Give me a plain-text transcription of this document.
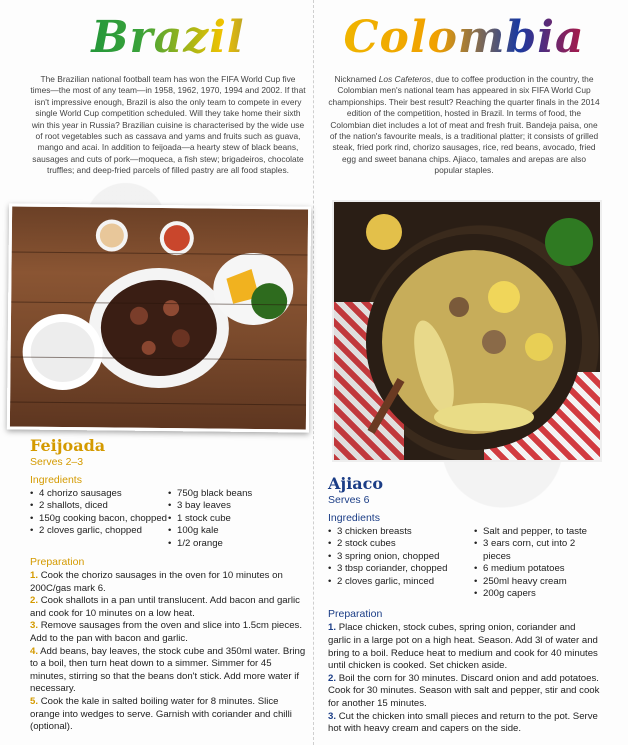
Brazil

The Brazilian national football team has won the FIFA World Cup five times—the most of any team—in 1958, 1962, 1970, 1994 and 2002. If that isn't impressive enough, Brazil is also the only team to compete in every single World Cup competition scheduled. Will they take home their sixth win this year in Russia? Brazilian cuisine is characterised by the wide use of root vegetables such as cassava and yams and fruits such as guava, mango and acai. In addition to feijoada—a hearty stew of black beans, sausages and cuts of pork—moqueca, a fish stew; brigadeiros, chocolate truffles; and deep-fried parcels of filled pastry are all food staples.

Feijoada

Serves 2–3

Ingredients

• 4 chorizo sausages
• 2 shallots, diced
• 150g cooking bacon, chopped
• 2 cloves garlic, chopped
• 750g black beans
• 3 bay leaves
• 1 stock cube
• 100g kale
• 1/2 orange

Preparation

1. Cook the chorizo sausages in the oven for 10 minutes on 200C/gas mark 6.

2. Cook shallots in a pan until translucent. Add bacon and garlic and cook for 10 minutes on a low heat.

3. Remove sausages from the oven and slice into 1.5cm pieces. Add to the pan with bacon and garlic.

4. Add beans, bay leaves, the stock cube and 350ml water. Bring to a boil, then turn heat down to a simmer. Simmer for 45 minutes, stirring so that the beans don't stick. Add more water if necessary.

5. Cook the kale in salted boiling water for 8 minutes. Slice orange into wedges to serve. Garnish with coriander and chilli (optional).

Colombia

Nicknamed Los Cafeteros, due to coffee production in the country, the Colombian men's national team has appeared in six FIFA World Cup championships. Their best result? Reaching the quarter finals in the 2014 edition of the competition, hosted in Brazil. In terms of food, the Colombian diet includes a lot of meat and fresh fruit. Bandeja paisa, one of the nation's favourite meals, is a traditional platter; it consists of grilled steak, fried pork rind, chorizo sausages, rice, red beans, avocado, fried egg and sweet banana chips. Ajiaco, tamales and arepas are also popular staples.

Ajiaco

Serves 6

Ingredients

• 3 chicken breasts
• 2 stock cubes
• 3 spring onion, chopped
• 3 tbsp coriander, chopped
• 2 cloves garlic, minced
• Salt and pepper, to taste
• 3 ears corn, cut into 2 pieces
• 6 medium potatoes
• 250ml heavy cream
• 200g capers

Preparation

1. Place chicken, stock cubes, spring onion, coriander and garlic in a large pot on a high heat. Season. Add 3l of water and bring to a boil. Reduce heat to medium and cook for 40 minutes until chicken is cooked. Set chicken aside.

2. Boil the corn for 30 minutes. Discard onion and add potatoes. Cook for 30 minutes. Season with salt and pepper, stir and cook for another 15 minutes.

3. Cut the chicken into small pieces and return to the pot. Serve hot with heavy cream and capers on the side.
